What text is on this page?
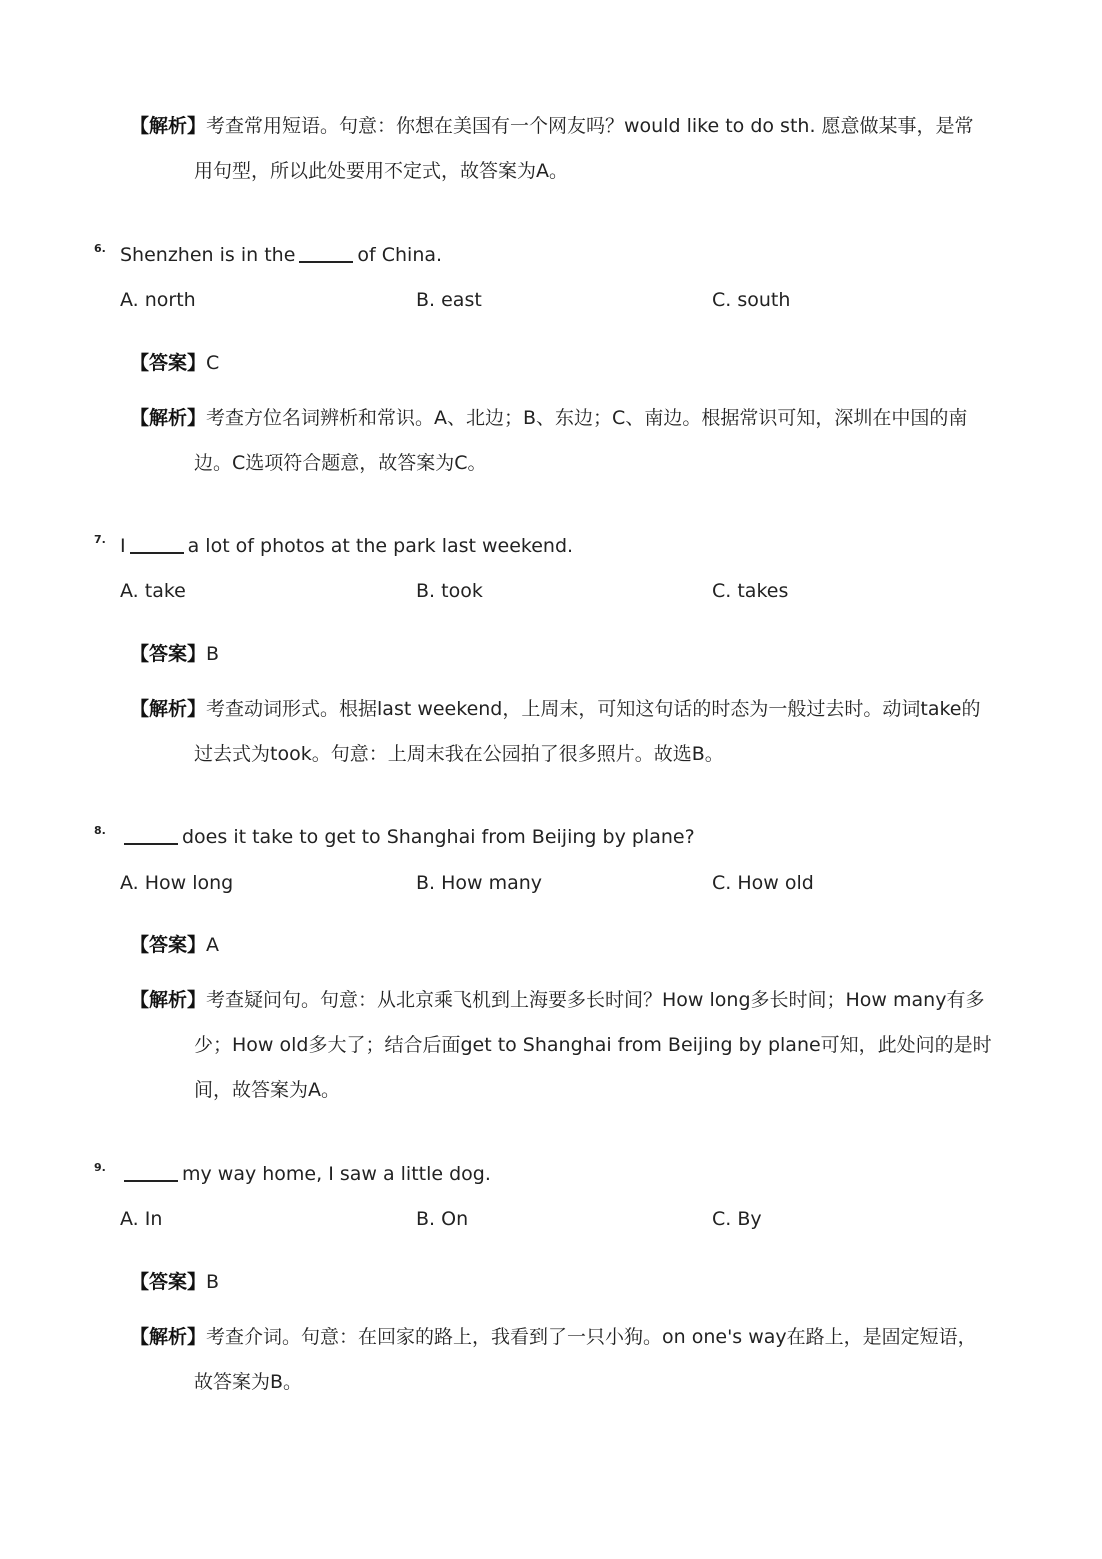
【解析】考查常用短语。句意：你想在美国有一个网友吗？would like to do sth. 愿意做某事，是常
用句型，所以此处要用不定式，故答案为A。
6. Shenzhen is in the	of China.
A. north	B. east	C. south
【答案】C
【解析】考查方位名词辨析和常识。A、北边；B、东边；C、南边。根据常识可知，深圳在中国的南
边。C选项符合题意，故答案为C。
7. I	a lot of photos at the park last weekend.
A. take	B. took	C. takes
【答案】B
【解析】考查动词形式。根据last weekend，上周末，可知这句话的时态为一般过去时。动词take的
过去式为took。句意：上周末我在公园拍了很多照片。故选B。
8.	does it take to get to Shanghai from Beijing by plane?
A. How long	B. How many	C. How old
【答案】A
【解析】考查疑问句。句意：从北京乘飞机到上海要多长时间？How long多长时间；How many有多
少；How old多大了；结合后面get to Shanghai from Beijing by plane可知，此处问的是时
间，故答案为A。
9.	my way home, I saw a little dog.
A. In	B. On	C. By
【答案】B
【解析】考查介词。句意：在回家的路上，我看到了一只小狗。on one's way在路上，是固定短语，
故答案为B。
